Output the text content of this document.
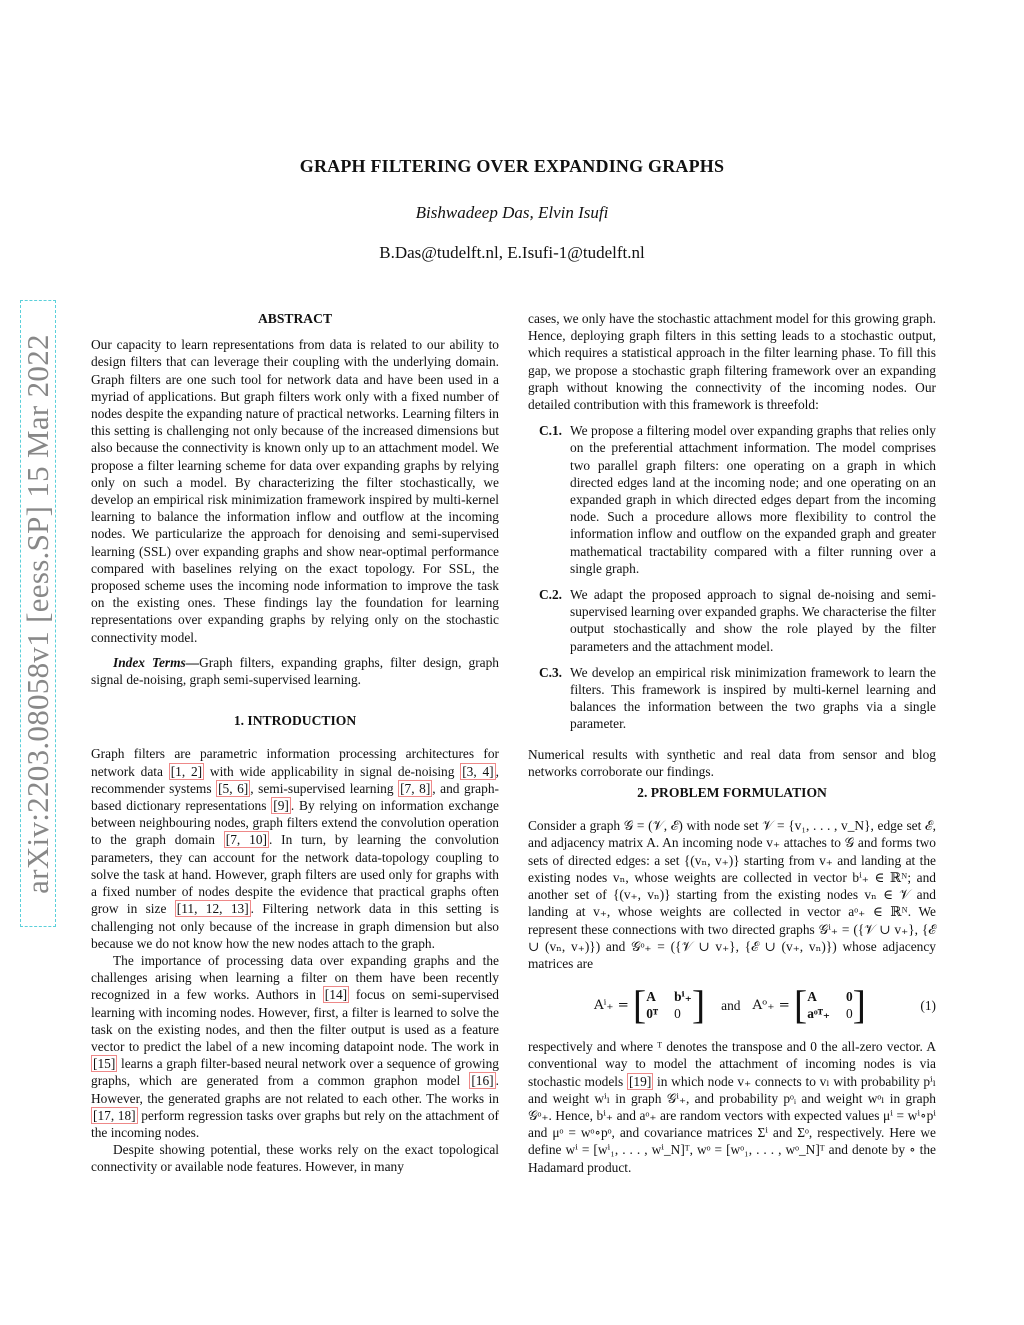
arXiv:2203.08058v1 [eess.SP] 15 Mar 2022
GRAPH FILTERING OVER EXPANDING GRAPHS
Bishwadeep Das, Elvin Isufi
B.Das@tudelft.nl, E.Isufi-1@tudelft.nl

ABSTRACT

Our capacity to learn representations from data is related to our ability to design filters that can leverage their coupling with the underlying domain. Graph filters are one such tool for network data and have been used in a myriad of applications. But graph filters work only with a fixed number of nodes despite the expanding nature of practical networks. Learning filters in this setting is challenging not only because of the increased dimensions but also because the connectivity is known only up to an attachment model. We propose a filter learning scheme for data over expanding graphs by relying only on such a model. By characterizing the filter stochastically, we develop an empirical risk minimization framework inspired by multi-kernel learning to balance the information inflow and outflow at the incoming nodes. We particularize the approach for denoising and semi-supervised learning (SSL) over expanding graphs and show near-optimal performance compared with baselines relying on the exact topology. For SSL, the proposed scheme uses the incoming node information to improve the task on the existing ones. These findings lay the foundation for learning representations over expanding graphs by relying only on the stochastic connectivity model.

Index Terms—Graph filters, expanding graphs, filter design, graph signal de-noising, graph semi-supervised learning.

1. INTRODUCTION

Graph filters are parametric information processing architectures for network data [1, 2] with wide applicability in signal de-noising [3, 4] , recommender systems [5, 6] , semi-supervised learning [7, 8] , and graph-based dictionary representations [9] . By relying on information exchange between neighbouring nodes, graph filters extend the convolution operation to the graph domain [7, 10] . In turn, by learning the convolution parameters, they can account for the network data-topology coupling to solve the task at hand. However, graph filters are used only for graphs with a fixed number of nodes despite the evidence that practical graphs often grow in size [11, 12, 13] . Filtering network data in this setting is challenging not only because of the increase in graph dimension but also because we do not know how the new nodes attach to the graph.

The importance of processing data over expanding graphs and the challenges arising when learning a filter on them have been recently recognized in a few works. Authors in [14] focus on semi-supervised learning with incoming nodes. However, first, a filter is learned to solve the task on the existing nodes, and then the filter output is used as a feature vector to predict the label of a new incoming datapoint node. The work in [15] learns a graph filter-based neural network over a sequence of growing graphs, which are generated from a common graphon model [16] . However, the generated graphs are not related to each other. The works in [17, 18] perform regression tasks over graphs but rely on the attachment of the incoming nodes.

Despite showing potential, these works rely on the exact topological connectivity or available node features. However, in many

cases, we only have the stochastic attachment model for this growing graph. Hence, deploying graph filters in this setting leads to a stochastic output, which requires a statistical approach in the filter learning phase. To fill this gap, we propose a stochastic graph filtering framework over an expanding graph without knowing the connectivity of the incoming nodes. Our detailed contribution with this framework is threefold:

C.1. We propose a filtering model over expanding graphs that relies only on the preferential attachment information. The model comprises two parallel graph filters: one operating on a graph in which directed edges land at the incoming node; and one operating on an expanded graph in which directed edges depart from the incoming node. Such a procedure allows more flexibility to control the information inflow and outflow on the expanded graph and greater mathematical tractability compared with a filter running over a single graph.
C.2. We adapt the proposed approach to signal de-noising and semi-supervised learning over expanded graphs. We characterise the filter output stochastically and show the role played by the filter parameters and the attachment model.
C.3. We develop an empirical risk minimization framework to learn the filters. This framework is inspired by multi-kernel learning and balances the information between the two graphs via a single parameter.

Numerical results with synthetic and real data from sensor and blog networks corroborate our findings.

2. PROBLEM FORMULATION

Consider a graph 𝒢 = (𝒱, ℰ) with node set 𝒱 = {v₁, . . . , v_N}, edge set ℰ, and adjacency matrix A. An incoming node v₊ attaches to 𝒢 and forms two sets of directed edges: a set {(vₙ, v₊)} starting from v₊ and landing at the existing nodes vₙ, whose weights are collected in vector bⁱ₊ ∈ ℝᴺ; and another set of {(v₊, vₙ)} starting from the existing nodes vₙ ∈ 𝒱 and landing at v₊, whose weights are collected in vector aᵒ₊ ∈ ℝᴺ. We represent these connections with two directed graphs 𝒢ⁱ₊ = ({𝒱 ∪ v₊}, {ℰ ∪ (vₙ, v₊)}) and 𝒢ᵒ₊ = ({𝒱 ∪ v₊}, {ℰ ∪ (v₊, vₙ)}) whose adjacency matrices are

Aⁱ₊ = [ A bⁱ₊
0ᵀ 0 ] and Aᵒ₊ = [ A	0
aᵒᵀ₊ 0 ]	(1)

respectively and where ᵀ denotes the transpose and 0 the all-zero vector. A conventional way to model the attachment of incoming nodes is via stochastic models [19] in which node v₊ connects to vₗ with probability pⁱₗ and weight wⁱₗ in graph 𝒢ⁱ₊, and probability pᵒᵢ and weight wᵒₗ in graph 𝒢ᵒ₊. Hence, bⁱ₊ and aᵒ₊ are random vectors with expected values μⁱ = wⁱ∘pⁱ and μᵒ = wᵒ∘pᵒ, and covariance matrices Σⁱ and Σᵒ, respectively. Here we define wⁱ = [wⁱ₁, . . . , wⁱ_N]ᵀ, wᵒ = [wᵒ₁, . . . , wᵒ_N]ᵀ and denote by ∘ the Hadamard product.
